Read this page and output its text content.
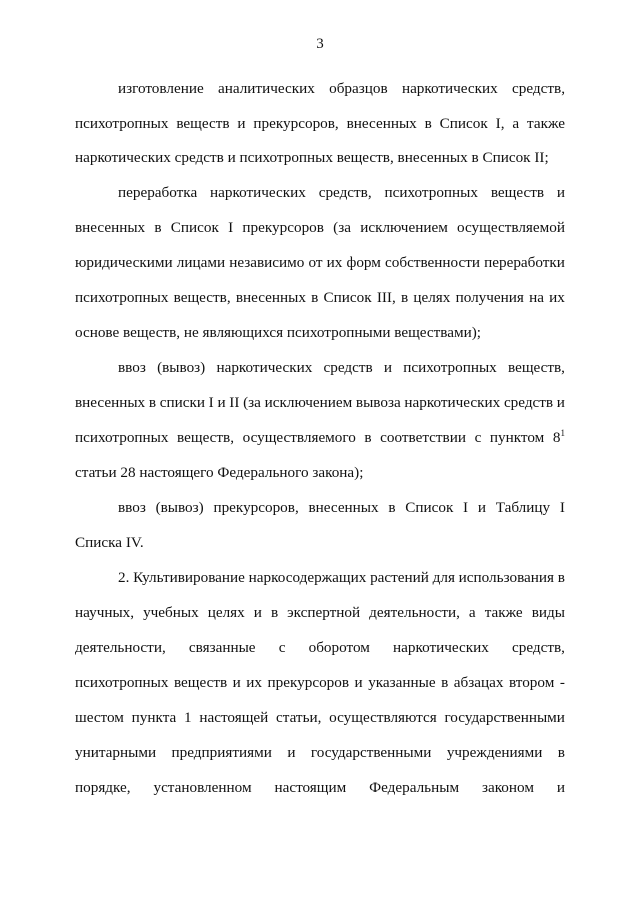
3
изготовление аналитических образцов наркотических средств,
психотропных веществ и прекурсоров, внесенных в Список I, а также
наркотических средств и психотропных веществ, внесенных в Список II;
переработка наркотических средств, психотропных веществ и
внесенных в Список I прекурсоров (за исключением осуществляемой
юридическими лицами независимо от их форм собственности переработки
психотропных веществ, внесенных в Список III, в целях получения на их
основе веществ, не являющихся психотропными веществами);
ввоз (вывоз) наркотических средств и психотропных веществ,
внесенных в списки I и II (за исключением вывоза наркотических средств и
психотропных веществ, осуществляемого в соответствии с пунктом $8^1$
статьи 28 настоящего Федерального закона);
ввоз (вывоз) прекурсоров, внесенных в Список I и Таблицу I
Списка IV.
2. Культивирование наркосодержащих растений для использования в
научных, учебных целях и в экспертной деятельности, а также виды
деятельности, связанные с оборотом наркотических средств,
психотропных веществ и их прекурсоров и указанные в абзацах втором -
шестом пункта 1 настоящей статьи, осуществляются государственными
унитарными предприятиями и государственными учреждениями в
порядке, установленном настоящим Федеральным законом и
